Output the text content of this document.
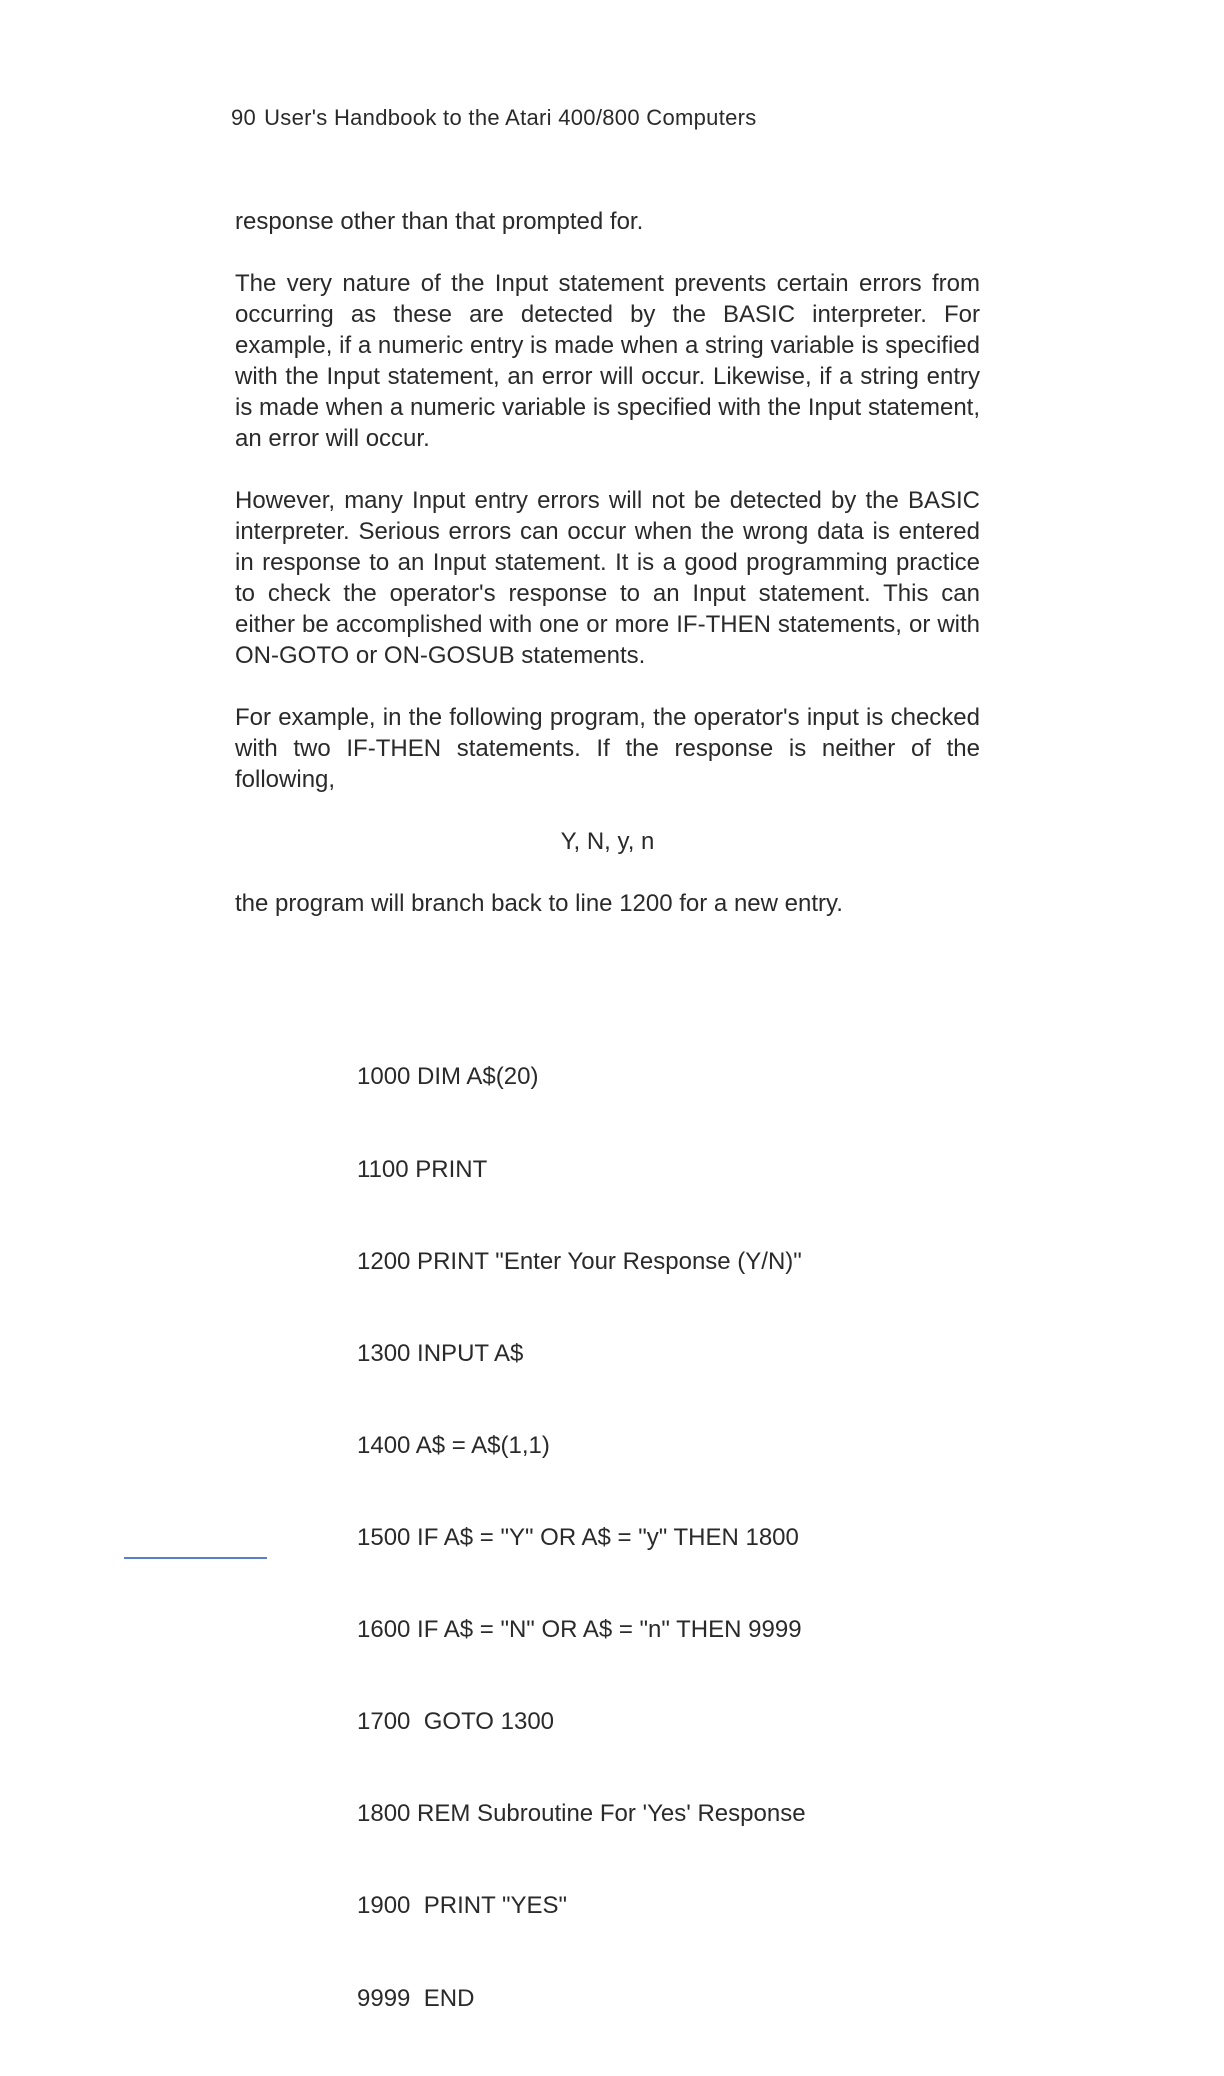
90 User's Handbook to the Atari 400/800 Computers

response other than that prompted for.

The very nature of the Input statement prevents certain errors from occurring as these are detected by the BASIC interpreter. For example, if a numeric entry is made when a string variable is specified with the Input statement, an error will occur. Likewise, if a string entry is made when a numeric variable is specified with the Input statement, an error will occur.

However, many Input entry errors will not be detected by the BASIC interpreter. Serious errors can occur when the wrong data is entered in response to an Input statement. It is a good programming practice to check the operator's response to an Input statement. This can either be accomplished with one or more IF-THEN statements, or with ON-GOTO or ON-GOSUB statements.

For example, in the following program, the operator's input is checked with two IF-THEN statements. If the response is neither of the following,

Y, N, y, n

the program will branch back to line 1200 for a new entry.

1000 DIM A$(20)

1100 PRINT

1200 PRINT "Enter Your Response (Y/N)"

1300 INPUT A$

1400 A$ = A$(1,1)

1500 IF A$ = "Y" OR A$ = "y" THEN 1800

1600 IF A$ = "N" OR A$ = "n" THEN 9999

1700  GOTO 1300

1800 REM Subroutine For 'Yes' Response

1900  PRINT "YES"

9999  END
